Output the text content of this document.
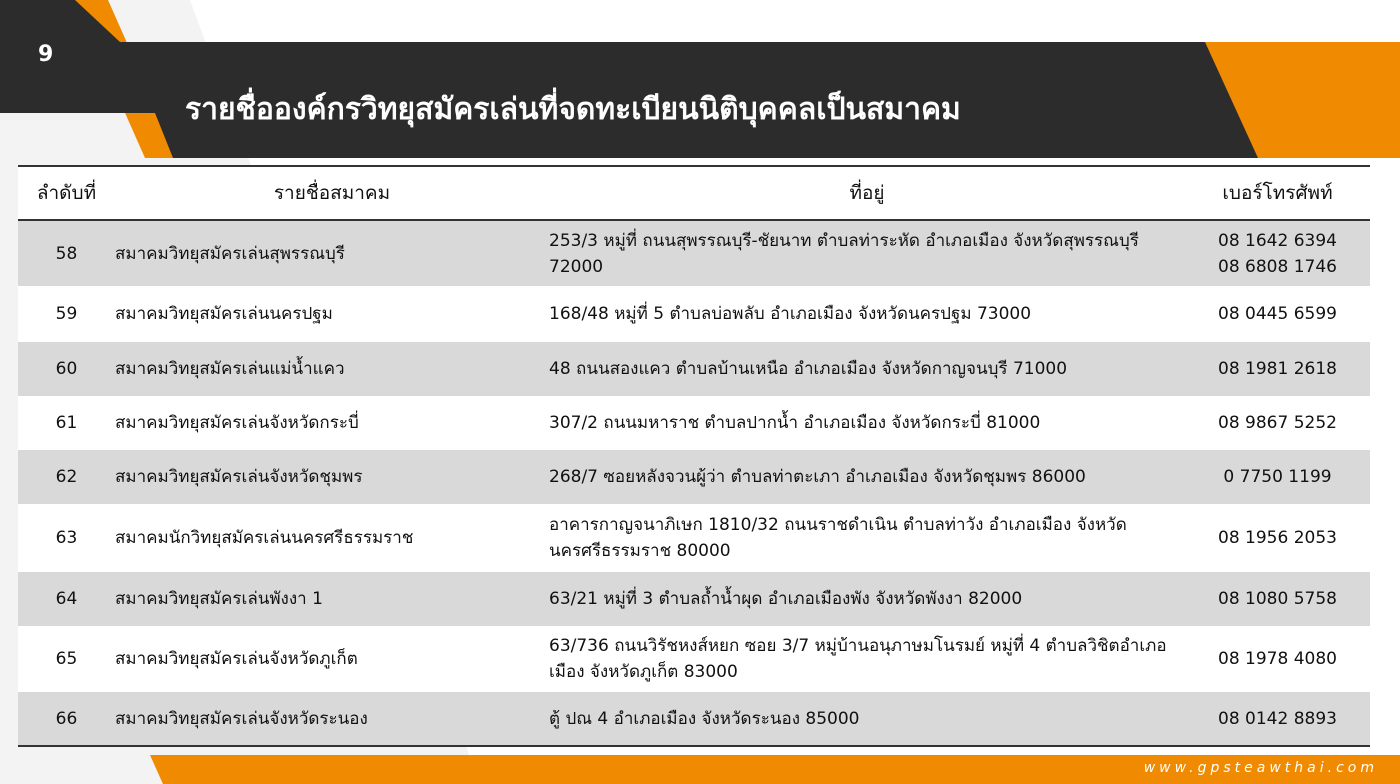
9
รายชื่อองค์กรวิทยุสมัครเล่นที่จดทะเบียนนิติบุคคลเป็นสมาคม
www.gpsteawthai.com
ลำดับที่	รายชื่อสมาคม	ที่อยู่	เบอร์โทรศัพท์
58	สมาคมวิทยุสมัครเล่นสุพรรณบุรี	253/3 หมู่ที่ ถนนสุพรรณบุรี-ชัยนาท ตำบลท่าระหัด อำเภอเมือง จังหวัดสุพรรณบุรี 72000	08 1642 6394
08 6808 1746
59	สมาคมวิทยุสมัครเล่นนครปฐม	168/48 หมู่ที่ 5 ตำบลบ่อพลับ อำเภอเมือง จังหวัดนครปฐม 73000	08 0445 6599
60	สมาคมวิทยุสมัครเล่นแม่น้ำแคว	48 ถนนสองแคว ตำบลบ้านเหนือ อำเภอเมือง จังหวัดกาญจนบุรี 71000	08 1981 2618
61	สมาคมวิทยุสมัครเล่นจังหวัดกระบี่	307/2 ถนนมหาราช ตำบลปากน้ำ อำเภอเมือง จังหวัดกระบี่ 81000	08 9867 5252
62	สมาคมวิทยุสมัครเล่นจังหวัดชุมพร	268/7 ซอยหลังจวนผู้ว่า ตำบลท่าตะเภา อำเภอเมือง จังหวัดชุมพร 86000	0 7750 1199
63	สมาคมนักวิทยุสมัครเล่นนครศรีธรรมราช	อาคารกาญจนาภิเษก 1810/32 ถนนราชดำเนิน ตำบลท่าวัง อำเภอเมือง จังหวัดนครศรีธรรมราช 80000	08 1956 2053
64	สมาคมวิทยุสมัครเล่นพังงา 1	63/21 หมู่ที่ 3 ตำบลถ้ำน้ำผุด อำเภอเมืองพัง จังหวัดพังงา 82000	08 1080 5758
65	สมาคมวิทยุสมัครเล่นจังหวัดภูเก็ต	63/736 ถนนวิรัชหงส์หยก ซอย 3/7 หมู่บ้านอนุภาษมโนรมย์ หมู่ที่ 4 ตำบลวิชิตอำเภอเมือง จังหวัดภูเก็ต 83000	08 1978 4080
66	สมาคมวิทยุสมัครเล่นจังหวัดระนอง	ตู้ ปณ 4 อำเภอเมือง จังหวัดระนอง 85000	08 0142 8893
